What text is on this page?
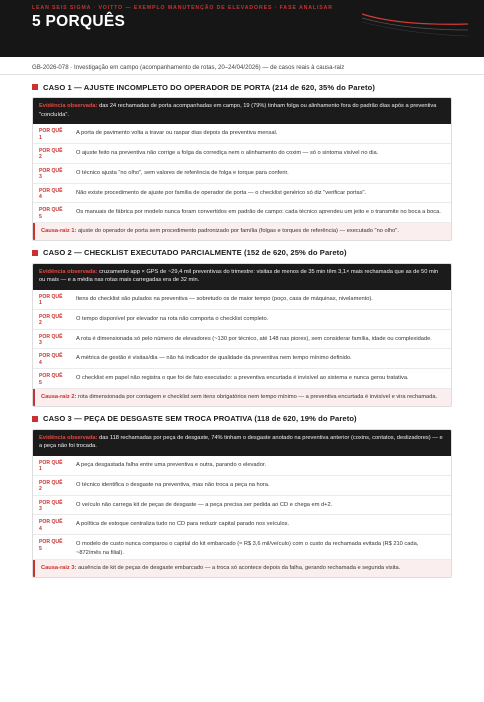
LEAN SEIS SIGMA · VOITTO — EXEMPLO MANUTENÇÃO DE ELEVADORES · FASE ANALISAR
5 PORQUÊS
GB-2026-078 · Investigação em campo (acompanhamento de rotas, 20–24/04/2026) — de casos reais à causa-raiz
CASO 1 — AJUSTE INCOMPLETO DO OPERADOR DE PORTA (214 de 620, 35% do Pareto)
Evidência observada: das 24 rechamadas de porta acompanhadas em campo, 19 (79%) tinham folga ou alinhamento fora do padrão dias após a preventiva "concluída".
POR QUÊ
1
A porta de pavimento volta a travar ou raspar dias depois da preventiva mensal.
POR QUÊ
2
O ajuste feito na preventiva não corrige a folga da corrediça nem o alinhamento do coxim — só o sintoma visível no dia.
POR QUÊ
3
O técnico ajusta "no olho", sem valores de referência de folga e torque para conferir.
POR QUÊ
4
Não existe procedimento de ajuste por família de operador de porta — o checklist genérico só diz "verificar portas".
POR QUÊ
5
Os manuais de fábrica por modelo nunca foram convertidos em padrão de campo: cada técnico aprendeu um jeito e o transmite no boca a boca.
Causa-raiz 1: ajuste do operador de porta sem procedimento padronizado por família (folgas e torques de referência) — executado "no olho".
CASO 2 — CHECKLIST EXECUTADO PARCIALMENTE (152 de 620, 25% do Pareto)
Evidência observada: cruzamento app × GPS de ~29,4 mil preventivas do trimestre: visitas de menos de 35 min têm 3,1× mais rechamada que as de 50 min ou mais — e a média nas rotas mais carregadas era de 32 min.
POR QUÊ
1
Itens do checklist são pulados na preventiva — sobretudo os de maior tempo (poço, casa de máquinas, nivelamento).
POR QUÊ
2
O tempo disponível por elevador na rota não comporta o checklist completo.
POR QUÊ
3
A rota é dimensionada só pelo número de elevadores (~130 por técnico, até 148 nas piores), sem considerar família, idade ou complexidade.
POR QUÊ
4
A métrica de gestão é visitas/dia — não há indicador de qualidade da preventiva nem tempo mínimo definido.
POR QUÊ
5
O checklist em papel não registra o que foi de fato executado: a preventiva encurtada é invisível ao sistema e nunca gerou tratativa.
Causa-raiz 2: rota dimensionada por contagem e checklist sem itens obrigatórios nem tempo mínimo — a preventiva encurtada é invisível e vira rechamada.
CASO 3 — PEÇA DE DESGASTE SEM TROCA PROATIVA (118 de 620, 19% do Pareto)
Evidência observada: das 118 rechamadas por peça de desgaste, 74% tinham o desgaste anotado na preventiva anterior (coxins, contatos, deslizadores) — e a peça não foi trocada.
POR QUÊ
1
A peça desgastada falha entre uma preventiva e outra, parando o elevador.
POR QUÊ
2
O técnico identifica o desgaste na preventiva, mas não troca a peça na hora.
POR QUÊ
3
O veículo não carrega kit de peças de desgaste — a peça precisa ser pedida ao CD e chega em d+2.
POR QUÊ
4
A política de estoque centraliza tudo no CD para reduzir capital parado nos veículos.
POR QUÊ
5
O modelo de custo nunca comparou o capital do kit embarcado (≈ R$ 3,6 mil/veículo) com o custo da rechamada evitada (R$ 210 cada, ~872/mês na filial).
Causa-raiz 3: ausência de kit de peças de desgaste embarcado — a troca só acontece depois da falha, gerando rechamada e segunda visita.
